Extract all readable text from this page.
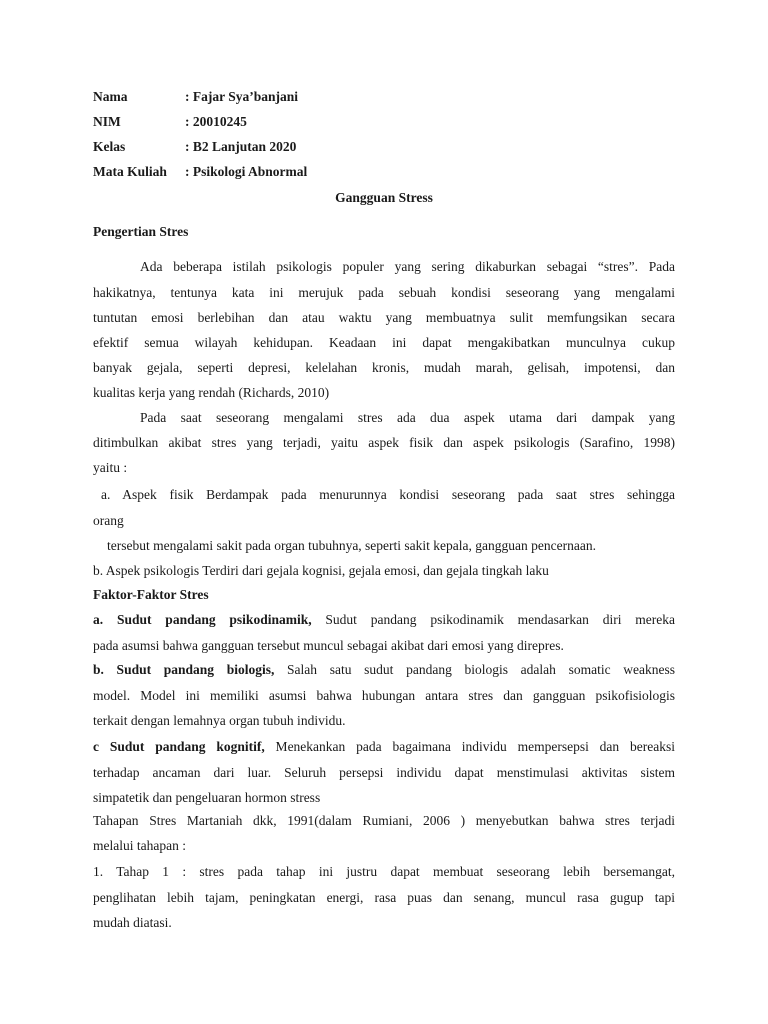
Nama	: Fajar Sya’banjani
NIM	: 20010245
Kelas	: B2 Lanjutan 2020
Mata Kuliah : Psikologi Abnormal
Gangguan Stress
Pengertian Stres
Ada beberapa istilah psikologis populer yang sering dikaburkan sebagai “stres”. Pada
hakikatnya, tentunya kata ini merujuk pada sebuah kondisi seseorang yang mengalami
tuntutan emosi berlebihan dan atau waktu yang membuatnya sulit memfungsikan secara
efektif semua wilayah kehidupan. Keadaan ini dapat mengakibatkan munculnya cukup
banyak gejala, seperti depresi, kelelahan kronis, mudah marah, gelisah, impotensi, dan
kualitas kerja yang rendah (Richards, 2010)
Pada saat seseorang mengalami stres ada dua aspek utama dari dampak yang
ditimbulkan akibat stres yang terjadi, yaitu aspek fisik dan aspek psikologis (Sarafino, 1998)
yaitu :
a. Aspek fisik Berdampak pada menurunnya kondisi seseorang pada saat stres sehingga
orang
tersebut mengalami sakit pada organ tubuhnya, seperti sakit kepala, gangguan pencernaan.
b. Aspek psikologis Terdiri dari gejala kognisi, gejala emosi, dan gejala tingkah laku
Faktor-Faktor Stres
a. Sudut pandang psikodinamik, Sudut pandang psikodinamik mendasarkan diri mereka
pada asumsi bahwa gangguan tersebut muncul sebagai akibat dari emosi yang direpres.
b. Sudut pandang biologis, Salah satu sudut pandang biologis adalah somatic weakness
model. Model ini memiliki asumsi bahwa hubungan antara stres dan gangguan psikofisiologis
terkait dengan lemahnya organ tubuh individu.
c Sudut pandang kognitif, Menekankan pada bagaimana individu mempersepsi dan bereaksi
terhadap ancaman dari luar. Seluruh persepsi individu dapat menstimulasi aktivitas sistem
simpatetik dan pengeluaran hormon stress
Tahapan Stres Martaniah dkk, 1991(dalam Rumiani, 2006 ) menyebutkan bahwa stres terjadi
melalui tahapan :
1. Tahap 1 : stres pada tahap ini justru dapat membuat seseorang lebih bersemangat,
penglihatan lebih tajam, peningkatan energi, rasa puas dan senang, muncul rasa gugup tapi
mudah diatasi.
